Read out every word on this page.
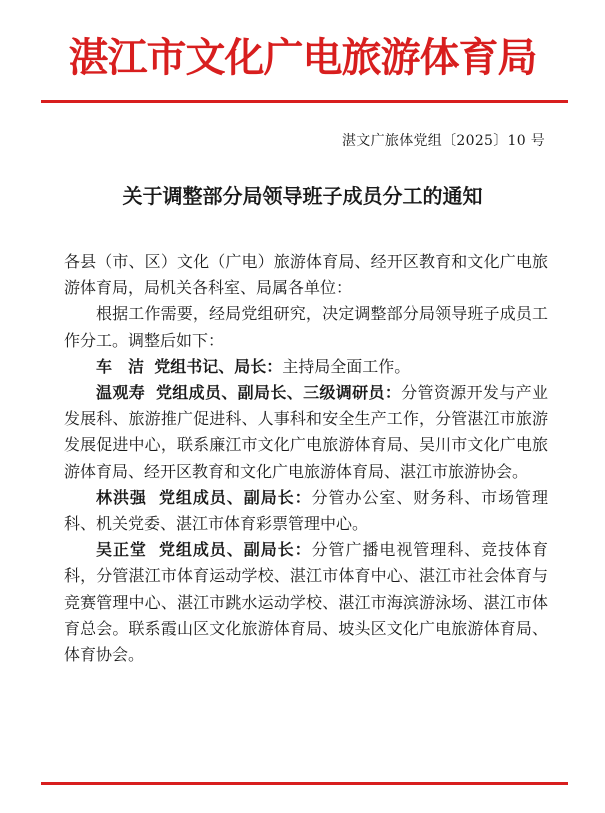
湛江市文化广电旅游体育局
湛文广旅体党组〔2025〕10 号
关于调整部分局领导班子成员分工的通知

各县（市、区）文化（广电）旅游体育局、经开区教育和文化广电旅游体育局，局机关各科室、局属各单位：

根据工作需要，经局党组研究，决定调整部分局领导班子成员工作分工。调整后如下：

车　洁 党组书记、局长：主持局全面工作。

温观寿 党组成员、副局长、三级调研员：分管资源开发与产业发展科、旅游推广促进科、人事科和安全生产工作，分管湛江市旅游发展促进中心，联系廉江市文化广电旅游体育局、吴川市文化广电旅游体育局、经开区教育和文化广电旅游体育局、湛江市旅游协会。

林洪强 党组成员、副局长：分管办公室、财务科、市场管理科、机关党委、湛江市体育彩票管理中心。

吴正堂 党组成员、副局长：分管广播电视管理科、竞技体育科，分管湛江市体育运动学校、湛江市体育中心、湛江市社会体育与竞赛管理中心、湛江市跳水运动学校、湛江市海滨游泳场、湛江市体育总会。联系霞山区文化旅游体育局、坡头区文化广电旅游体育局、体育协会。
